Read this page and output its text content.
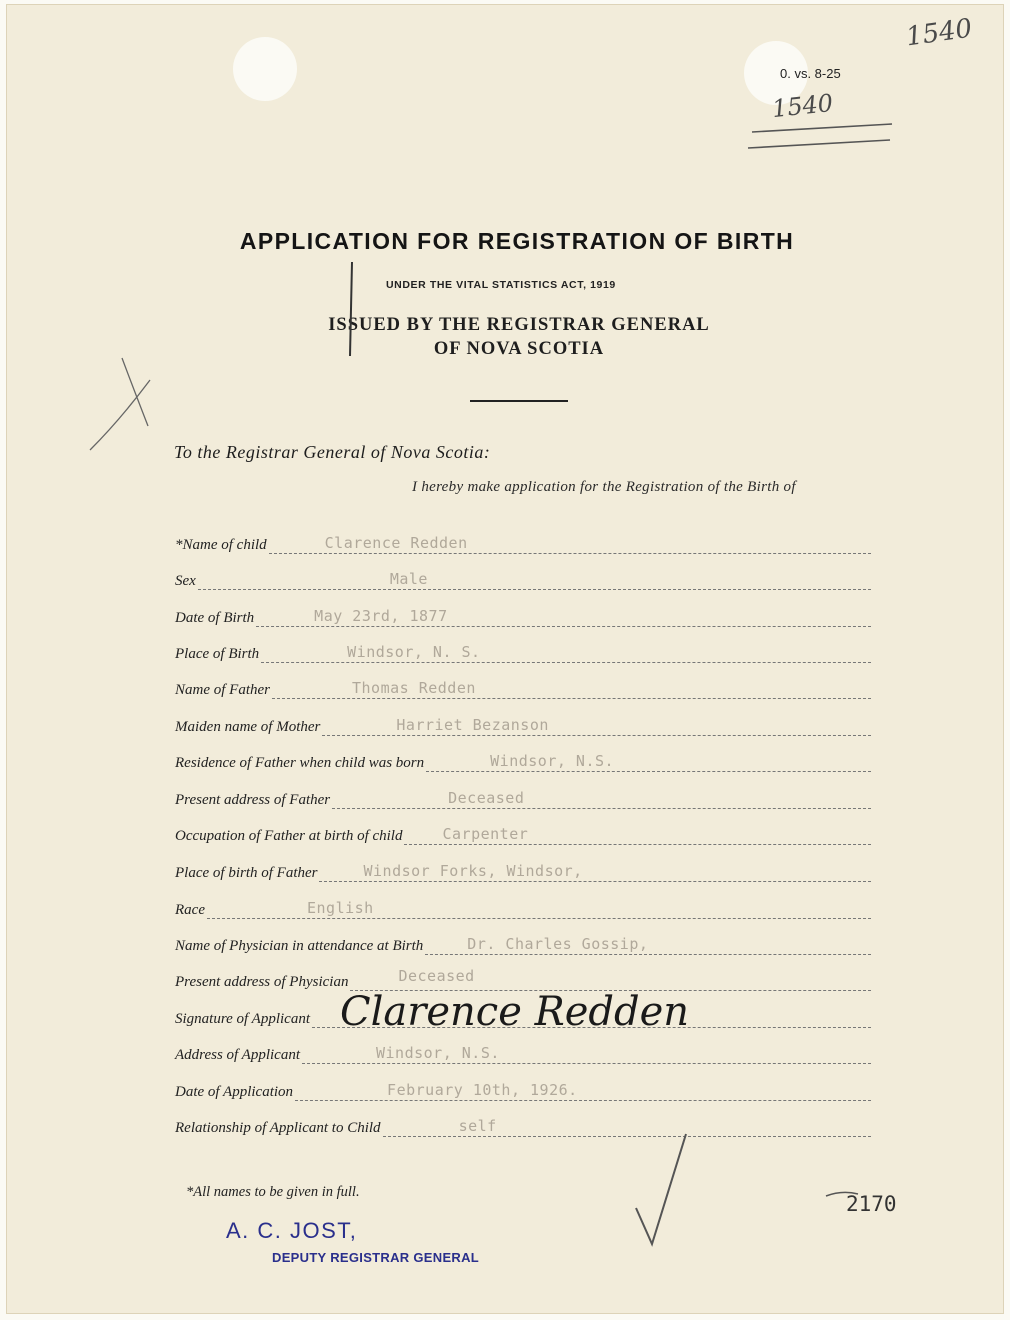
1540
0. vs. 8-25
1540
APPLICATION FOR REGISTRATION OF BIRTH
UNDER THE VITAL STATISTICS ACT, 1919
ISSUED BY THE REGISTRAR GENERAL
OF NOVA SCOTIA
To the Registrar General of Nova Scotia:
I hereby make application for the Registration of the Birth of
*Name of child	Clarence Redden
Sex	Male
Date of Birth	May 23rd, 1877
Place of Birth	Windsor, N. S.
Name of Father	Thomas Redden
Maiden name of Mother	Harriet Bezanson
Residence of Father when child was born	Windsor, N.S.
Present address of Father	Deceased
Occupation of Father at birth of child	Carpenter
Place of birth of Father	Windsor Forks, Windsor,
Race	English
Name of Physician in attendance at Birth	Dr. Charles Gossip,
Present address of Physician	Deceased
Signature of Applicant Clarence Redden
Address of Applicant	Windsor, N.S.
Date of Application	February 10th, 1926.
Relationship of Applicant to Child	self
*All names to be given in full.
A. C. JOST,
DEPUTY REGISTRAR GENERAL
2170
